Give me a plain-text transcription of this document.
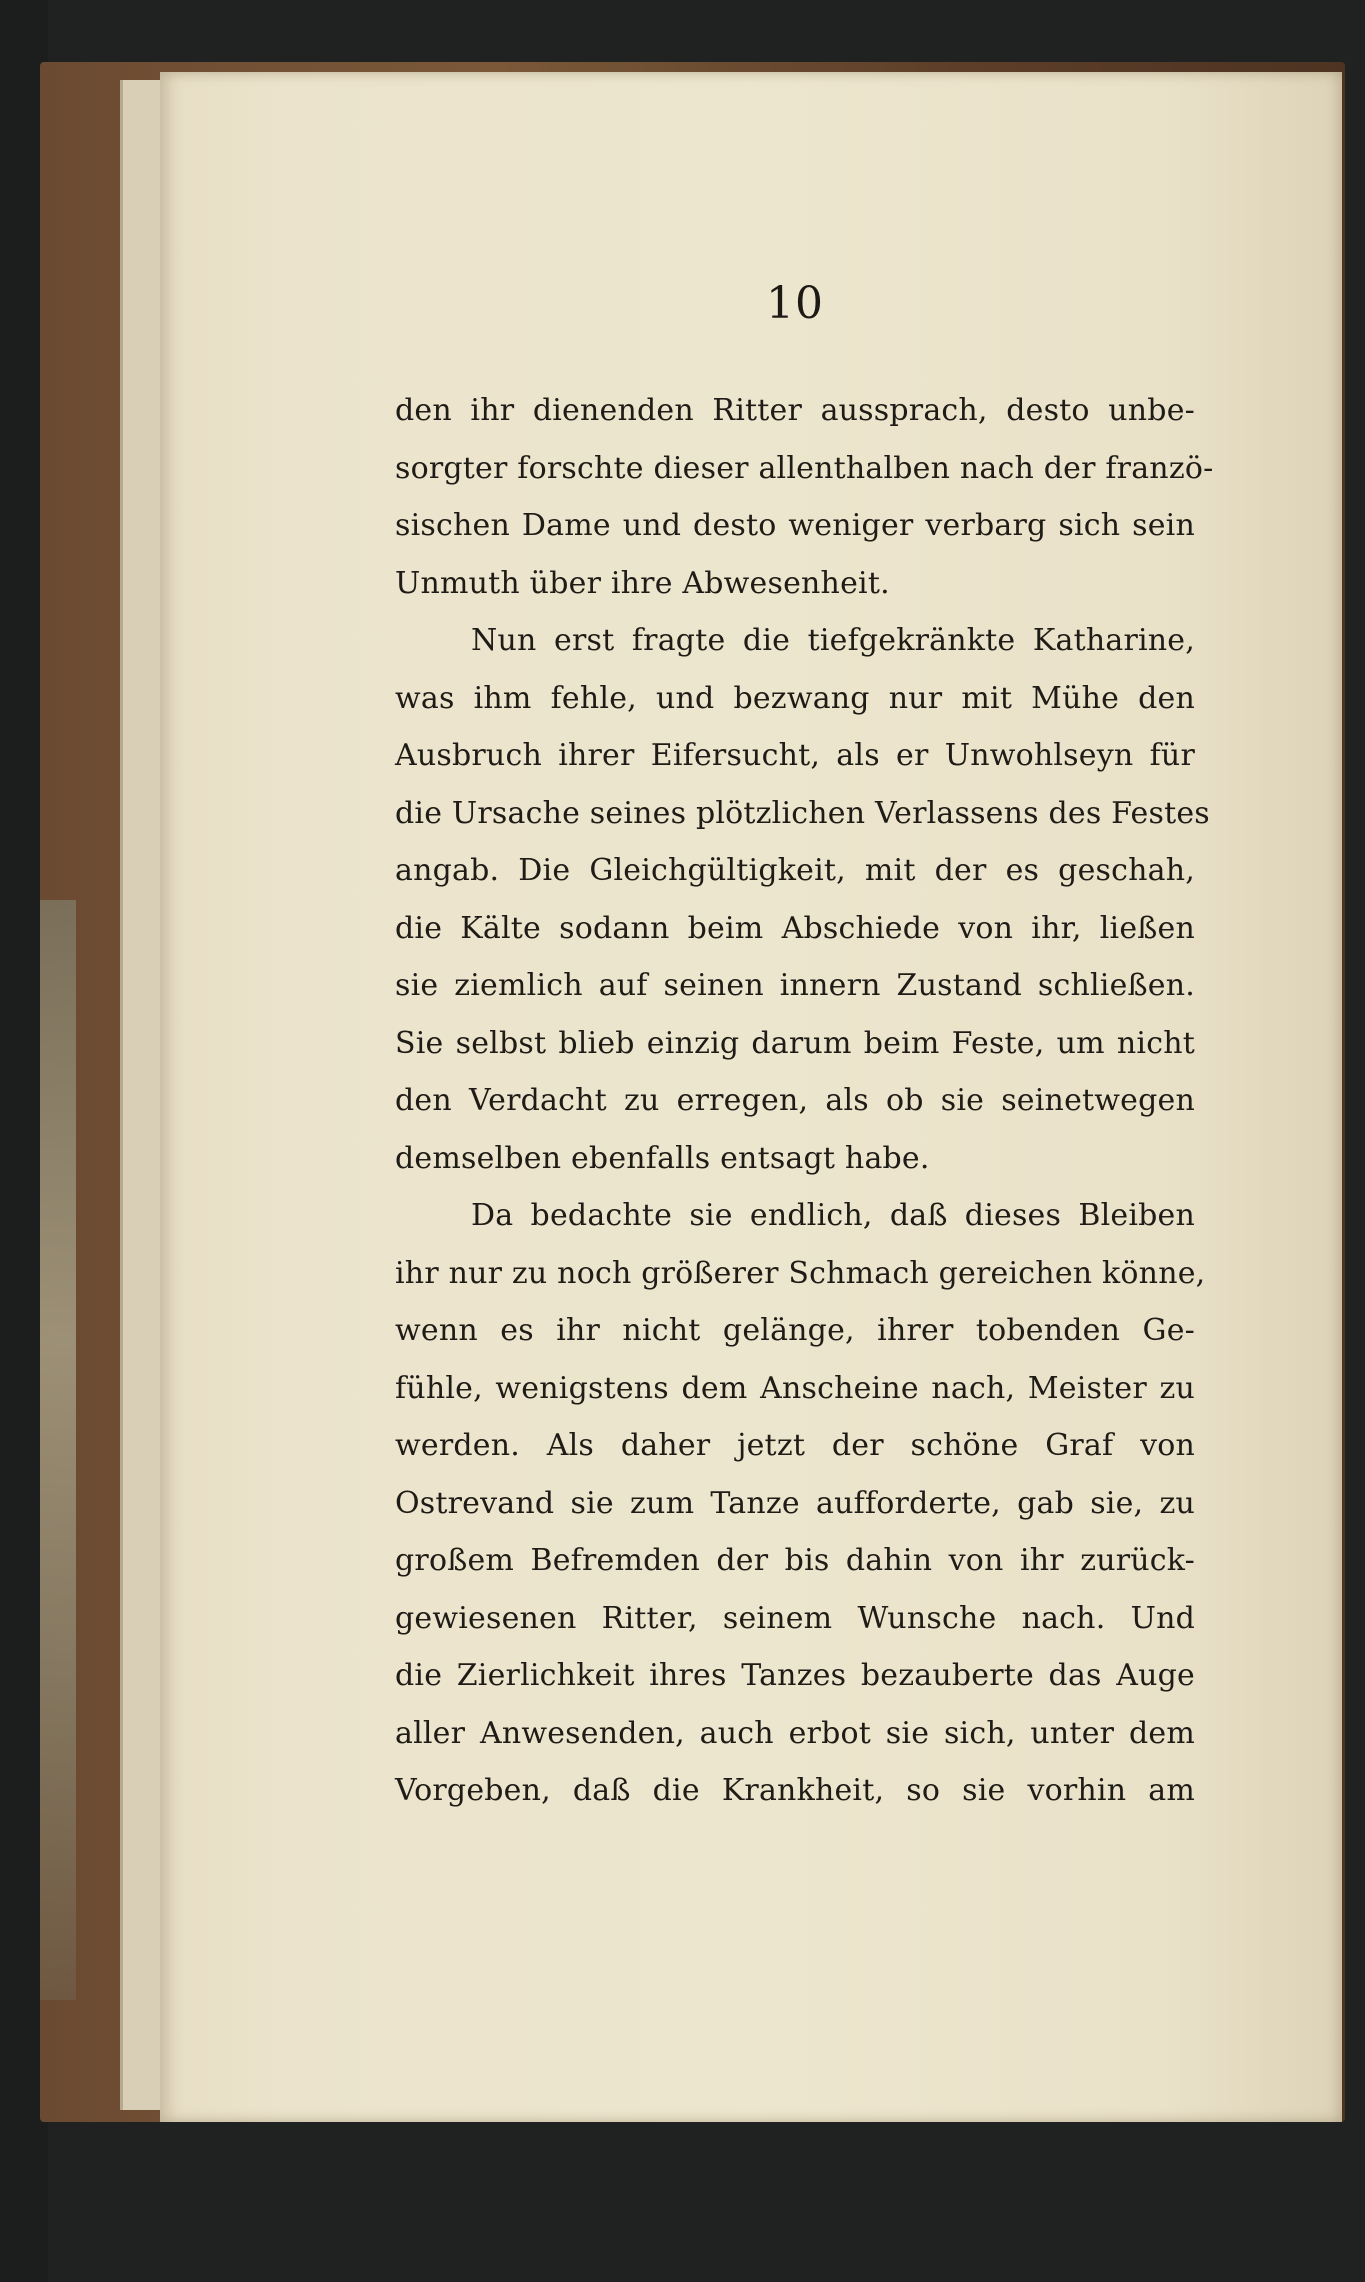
10
den ihr dienenden Ritter aussprach, desto unbe-
sorgter forschte dieser allenthalben nach der franzö-
sischen Dame und desto weniger verbarg sich sein
Unmuth über ihre Abwesenheit.
Nun erst fragte die tiefgekränkte Katharine,
was ihm fehle, und bezwang nur mit Mühe den
Ausbruch ihrer Eifersucht, als er Unwohlseyn für
die Ursache seines plötzlichen Verlassens des Festes
angab. Die Gleichgültigkeit, mit der es geschah,
die Kälte sodann beim Abschiede von ihr, ließen
sie ziemlich auf seinen innern Zustand schließen.
Sie selbst blieb einzig darum beim Feste, um nicht
den Verdacht zu erregen, als ob sie seinetwegen
demselben ebenfalls entsagt habe.
Da bedachte sie endlich, daß dieses Bleiben
ihr nur zu noch größerer Schmach gereichen könne,
wenn es ihr nicht gelänge, ihrer tobenden Ge-
fühle, wenigstens dem Anscheine nach, Meister zu
werden. Als daher jetzt der schöne Graf von
Ostrevand sie zum Tanze aufforderte, gab sie, zu
großem Befremden der bis dahin von ihr zurück-
gewiesenen Ritter, seinem Wunsche nach. Und
die Zierlichkeit ihres Tanzes bezauberte das Auge
aller Anwesenden, auch erbot sie sich, unter dem
Vorgeben, daß die Krankheit, so sie vorhin am
